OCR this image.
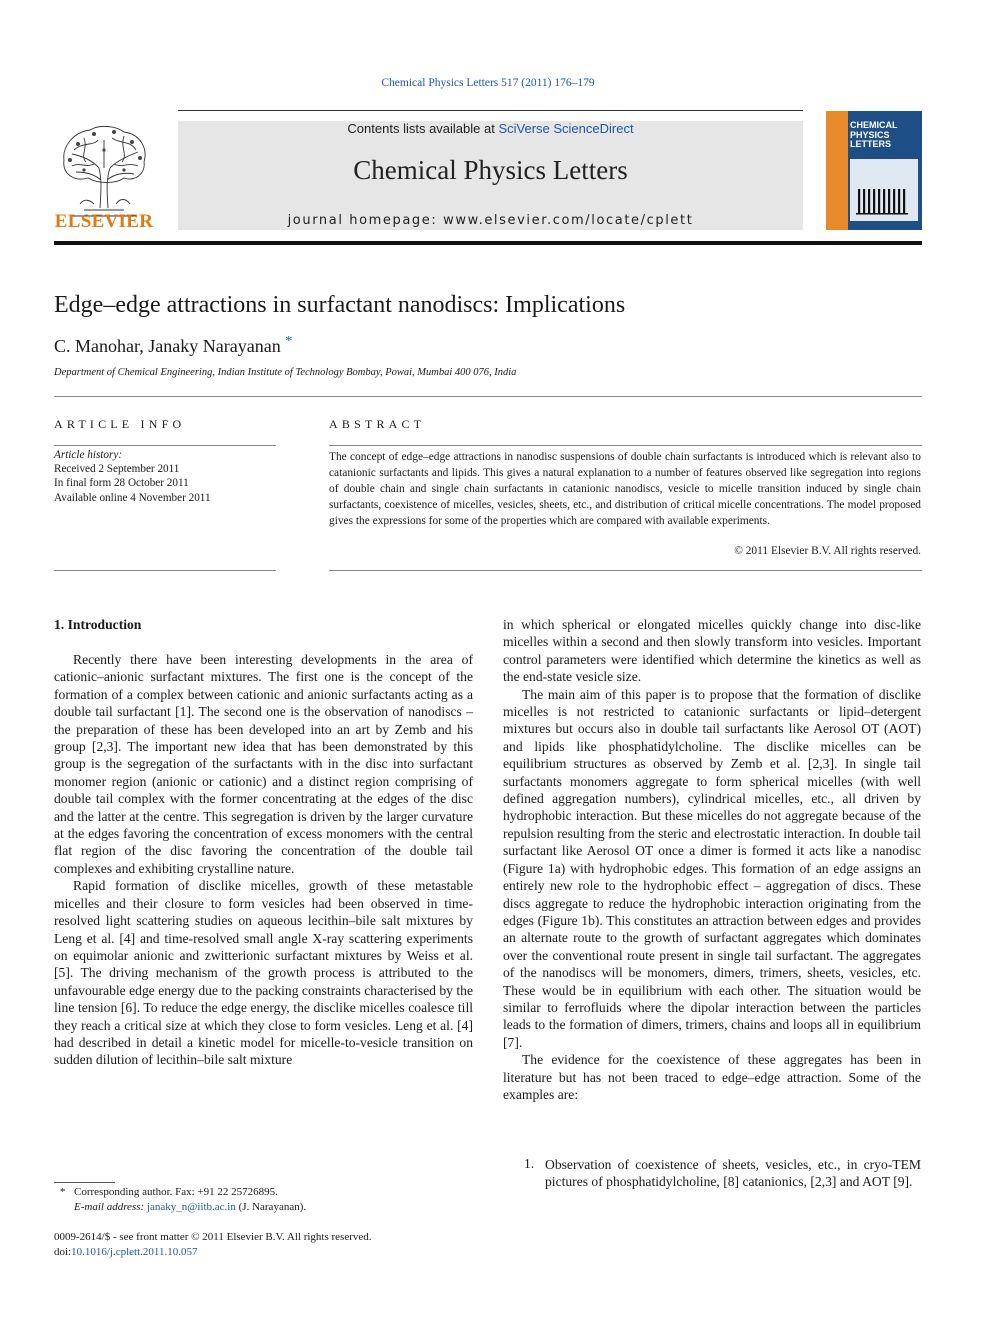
Chemical Physics Letters 517 (2011) 176–179
Contents lists available at SciVerse ScienceDirect
Chemical Physics Letters
journal homepage: www.elsevier.com/locate/cplett
ELSEVIER
CHEMICAL
PHYSICS
LETTERS
Edge–edge attractions in surfactant nanodiscs: Implications
C. Manohar, Janaky Narayanan *
Department of Chemical Engineering, Indian Institute of Technology Bombay, Powai, Mumbai 400 076, India
ARTICLE INFO	ABSTRACT
Article history:
Received 2 September 2011
In final form 28 October 2011
Available online 4 November 2011
The concept of edge–edge attractions in nanodisc suspensions of double chain surfactants is introduced which is relevant also to catanionic surfactants and lipids. This gives a natural explanation to a number of features observed like segregation into regions of double chain and single chain surfactants in catanionic nanodiscs, vesicle to micelle transition induced by single chain surfactants, coexistence of micelles, vesicles, sheets, etc., and distribution of critical micelle concentrations. The model proposed gives the expressions for some of the properties which are compared with available experiments.
© 2011 Elsevier B.V. All rights reserved.
1. Introduction

Recently there have been interesting developments in the area of cationic–anionic surfactant mixtures. The first one is the concept of the formation of a complex between cationic and anionic surfactants acting as a double tail surfactant [1]. The second one is the observation of nanodiscs – the preparation of these has been developed into an art by Zemb and his group [2,3]. The important new idea that has been demonstrated by this group is the segregation of the surfactants with in the disc into surfactant monomer region (anionic or cationic) and a distinct region comprising of double tail complex with the former concentrating at the edges of the disc and the latter at the centre. This segregation is driven by the larger curvature at the edges favoring the concentration of excess monomers with the central flat region of the disc favoring the concentration of the double tail complexes and exhibiting crystalline nature.

Rapid formation of disclike micelles, growth of these metastable micelles and their closure to form vesicles had been observed in time-resolved light scattering studies on aqueous lecithin–bile salt mixtures by Leng et al. [4] and time-resolved small angle X-ray scattering experiments on equimolar anionic and zwitterionic surfactant mixtures by Weiss et al. [5]. The driving mechanism of the growth process is attributed to the unfavourable edge energy due to the packing constraints characterised by the line tension [6]. To reduce the edge energy, the disclike micelles coalesce till they reach a critical size at which they close to form vesicles. Leng et al. [4] had described in detail a kinetic model for micelle-to-vesicle transition on sudden dilution of lecithin–bile salt mixture

in which spherical or elongated micelles quickly change into disc-like micelles within a second and then slowly transform into vesicles. Important control parameters were identified which determine the kinetics as well as the end-state vesicle size.

The main aim of this paper is to propose that the formation of disclike micelles is not restricted to catanionic surfactants or lipid–detergent mixtures but occurs also in double tail surfactants like Aerosol OT (AOT) and lipids like phosphatidylcholine. The disclike micelles can be equilibrium structures as observed by Zemb et al. [2,3]. In single tail surfactants monomers aggregate to form spherical micelles (with well defined aggregation numbers), cylindrical micelles, etc., all driven by hydrophobic interaction. But these micelles do not aggregate because of the repulsion resulting from the steric and electrostatic interaction. In double tail surfactant like Aerosol OT once a dimer is formed it acts like a nanodisc (Figure 1a) with hydrophobic edges. This formation of an edge assigns an entirely new role to the hydrophobic effect – aggregation of discs. These discs aggregate to reduce the hydrophobic interaction originating from the edges (Figure 1b). This constitutes an attraction between edges and provides an alternate route to the growth of surfactant aggregates which dominates over the conventional route present in single tail surfactant. The aggregates of the nanodiscs will be monomers, dimers, trimers, sheets, vesicles, etc. These would be in equilibrium with each other. The situation would be similar to ferrofluids where the dipolar interaction between the particles leads to the formation of dimers, trimers, chains and loops all in equilibrium [7].

The evidence for the coexistence of these aggregates has been in literature but has not been traced to edge–edge attraction. Some of the examples are:

1. Observation of coexistence of sheets, vesicles, etc., in cryo-TEM pictures of phosphatidylcholine, [8] catanionics, [2,3] and AOT [9].
* Corresponding author. Fax: +91 22 25726895.
E-mail address: janaky_n@iitb.ac.in (J. Narayanan).
0009-2614/$ - see front matter © 2011 Elsevier B.V. All rights reserved.
doi:10.1016/j.cplett.2011.10.057
